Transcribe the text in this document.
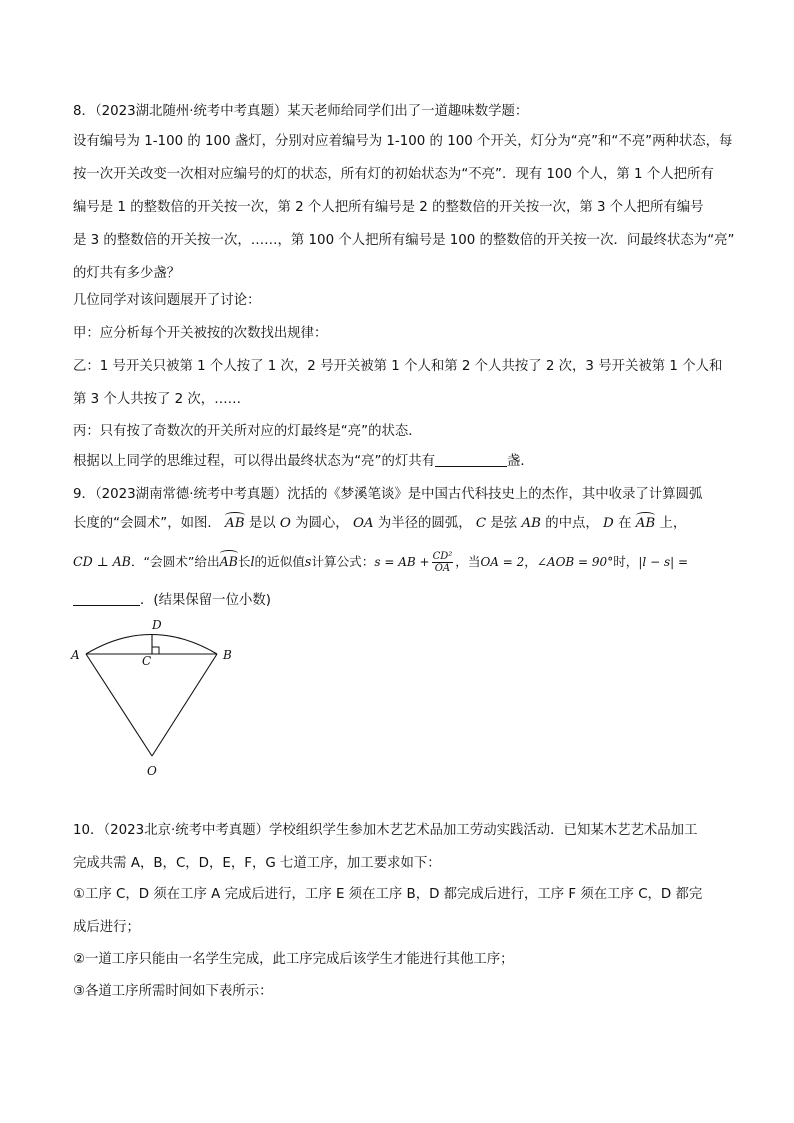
8．（2023湖北随州·统考中考真题）某天老师给同学们出了一道趣味数学题：
设有编号为 1-100 的 100 盏灯，分别对应着编号为 1-100 的 100 个开关，灯分为“亮”和“不亮”两种状态，每
按一次开关改变一次相对应编号的灯的状态，所有灯的初始状态为“不亮”．现有 100 个人，第 1 个人把所有
编号是 1 的整数倍的开关按一次，第 2 个人把所有编号是 2 的整数倍的开关按一次，第 3 个人把所有编号
是 3 的整数倍的开关按一次，……，第 100 个人把所有编号是 100 的整数倍的开关按一次．问最终状态为“亮”
的灯共有多少盏？
几位同学对该问题展开了讨论：
甲：应分析每个开关被按的次数找出规律：
乙：1 号开关只被第 1 个人按了 1 次，2 号开关被第 1 个人和第 2 个人共按了 2 次，3 号开关被第 1 个人和
第 3 个人共按了 2 次，……
丙：只有按了奇数次的开关所对应的灯最终是“亮”的状态．
根据以上同学的思维过程，可以得出最终状态为“亮”的灯共有	盏．
9．（2023湖南常德·统考中考真题）沈括的《梦溪笔谈》是中国古代科技史上的杰作，其中收录了计算圆弧
长度的“会圆术”，如图． AB 是以 O 为圆心， OA 为半径的圆弧， C 是弦 AB 的中点， D 在 AB 上，
CD ⊥ AB．“会圆术”给出AB长l的近似值s计算公式：s = AB + $\frac{\text{CD²}}{OA}$ ，当OA = 2，∠AOB = 90°时，|l − s| =
．(结果保留一位小数)
A	B
C
D
O
10．（2023北京·统考中考真题）学校组织学生参加木艺艺术品加工劳动实践活动．已知某木艺艺术品加工
完成共需 A，B，C，D，E，F，G 七道工序，加工要求如下：
①工序 C，D 须在工序 A 完成后进行，工序 E 须在工序 B，D 都完成后进行，工序 F 须在工序 C，D 都完
成后进行；
②一道工序只能由一名学生完成，此工序完成后该学生才能进行其他工序；
③各道工序所需时间如下表所示：
